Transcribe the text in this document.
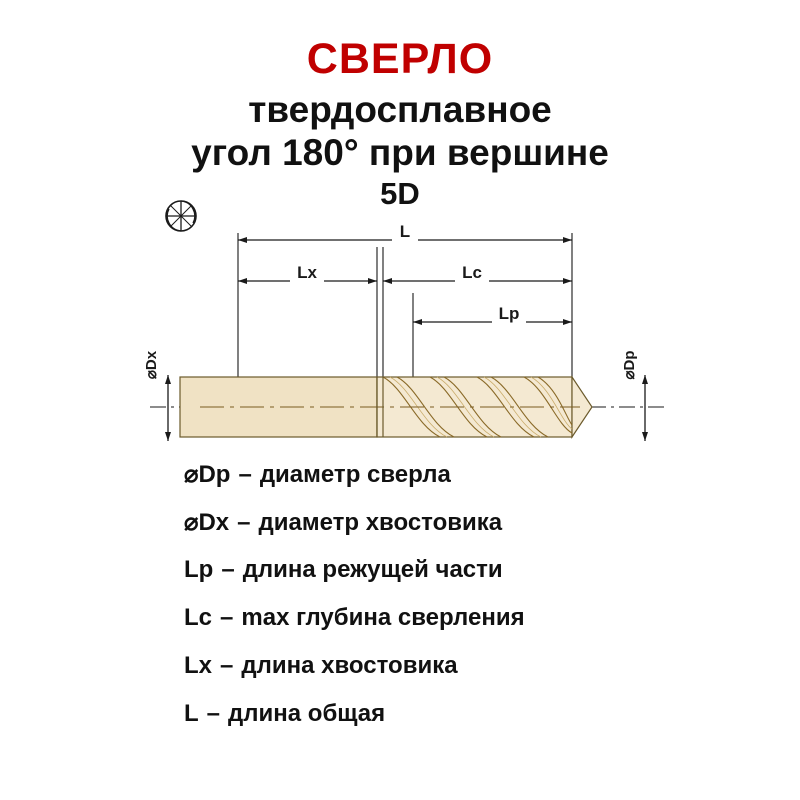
СВЕРЛО
твердосплавное
угол 180° при вершине
5D
L
Lx	Lc
Lp
⌀Dx	⌀Dp
⌀Dp – диаметр сверла
⌀Dx – диаметр хвостовика
Lp – длина режущей части
Lc – max глубина сверления
Lx – длина хвостовика
L – длина общая
